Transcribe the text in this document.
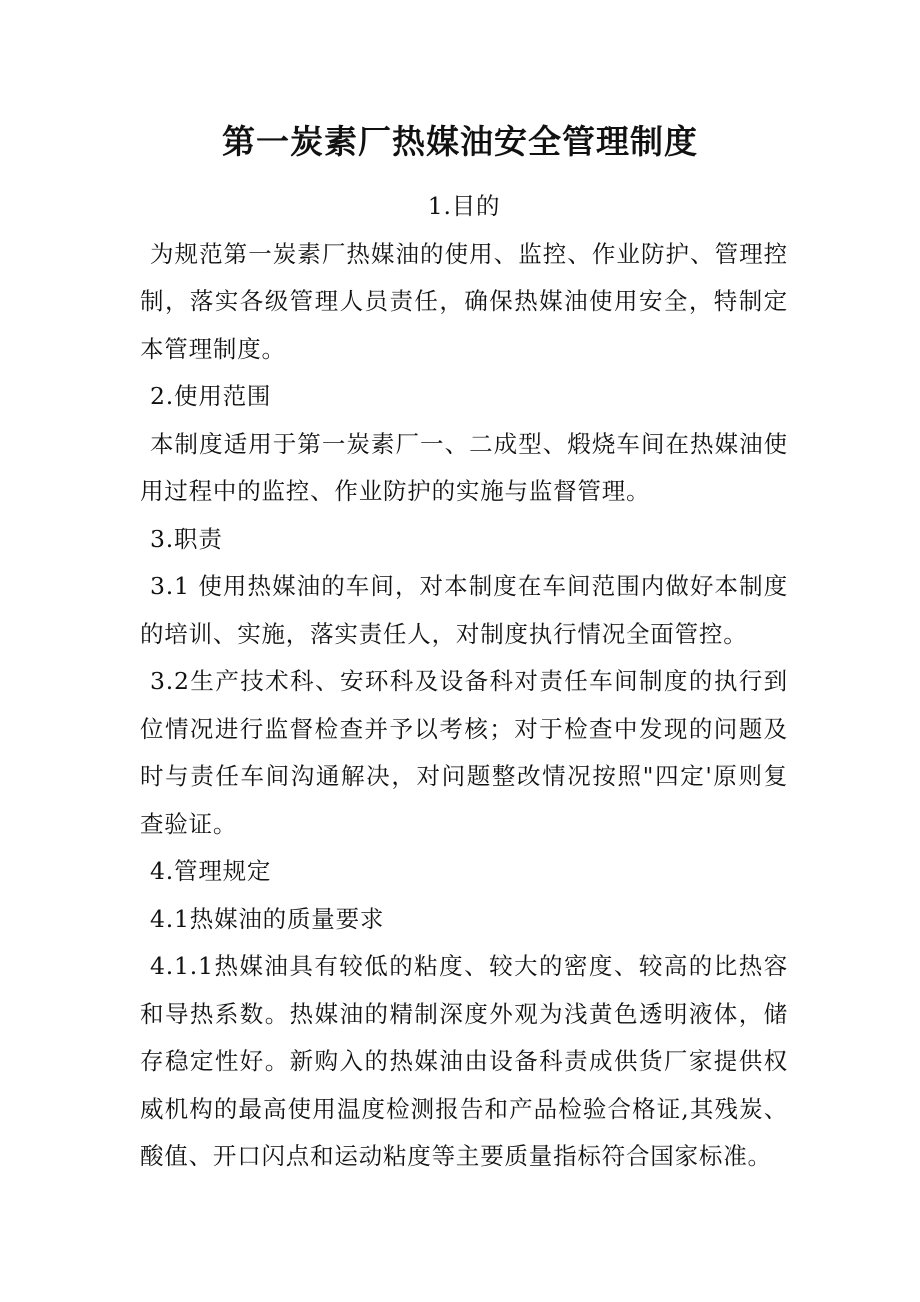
第一炭素厂热媒油安全管理制度

1.目的

为规范第一炭素厂热媒油的使用、监控、作业防护、管理控制，落实各级管理人员责任，确保热媒油使用安全，特制定本管理制度。

2.使用范围

本制度适用于第一炭素厂一、二成型、煅烧车间在热媒油使用过程中的监控、作业防护的实施与监督管理。

3.职责

3.1 使用热媒油的车间，对本制度在车间范围内做好本制度的培训、实施，落实责任人，对制度执行情况全面管控。

3.2生产技术科、安环科及设备科对责任车间制度的执行到位情况进行监督检查并予以考核；对于检查中发现的问题及时与责任车间沟通解决，对问题整改情况按照"四定'原则复查验证。

4.管理规定

4.1热媒油的质量要求

4.1.1热媒油具有较低的粘度、较大的密度、较高的比热容和导热系数。热媒油的精制深度外观为浅黄色透明液体，储存稳定性好。新购入的热媒油由设备科责成供货厂家提供权威机构的最高使用温度检测报告和产品检验合格证,其残炭、酸值、开口闪点和运动粘度等主要质量指标符合国家标准。
